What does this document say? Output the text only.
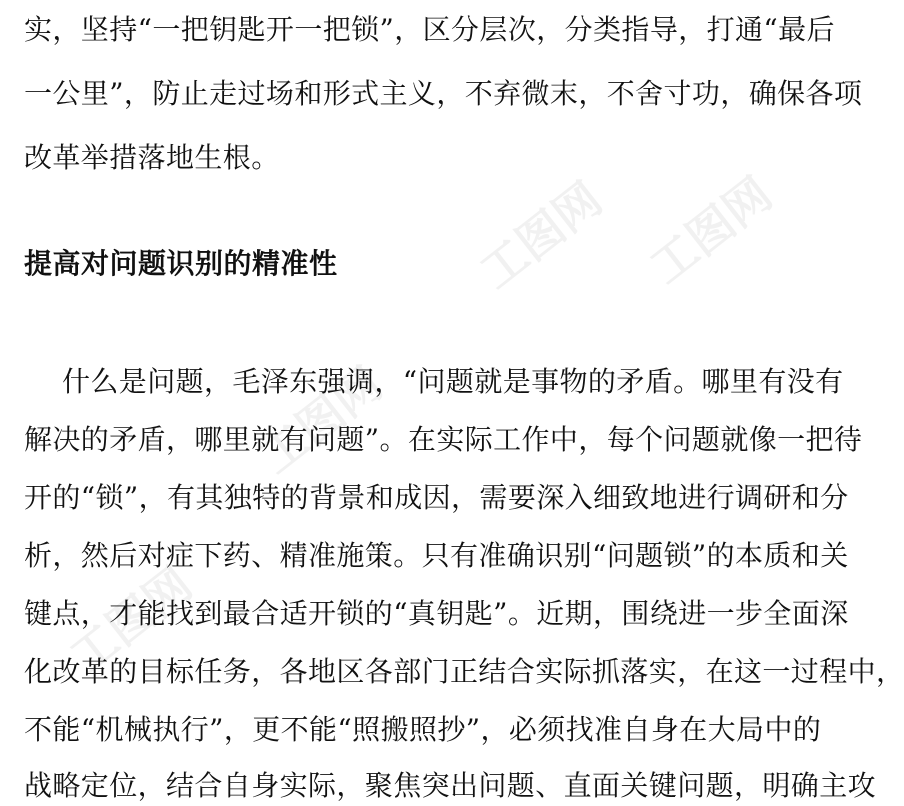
工图网 工图网
工图网
工图网
实，坚持“一把钥匙开一把锁”，区分层次，分类指导，打通“最后
一公里”，防止走过场和形式主义，不弃微末，不舍寸功，确保各项
改革举措落地生根。
提高对问题识别的精准性
什么是问题，毛泽东强调，“问题就是事物的矛盾。哪里有没有
解决的矛盾，哪里就有问题”。在实际工作中，每个问题就像一把待
开的“锁”，有其独特的背景和成因，需要深入细致地进行调研和分
析，然后对症下药、精准施策。只有准确识别“问题锁”的本质和关
键点，才能找到最合适开锁的“真钥匙”。近期，围绕进一步全面深
化改革的目标任务，各地区各部门正结合实际抓落实，在这一过程中，
不能“机械执行”，更不能“照搬照抄”，必须找准自身在大局中的
战略定位，结合自身实际，聚焦突出问题、直面关键问题，明确主攻
